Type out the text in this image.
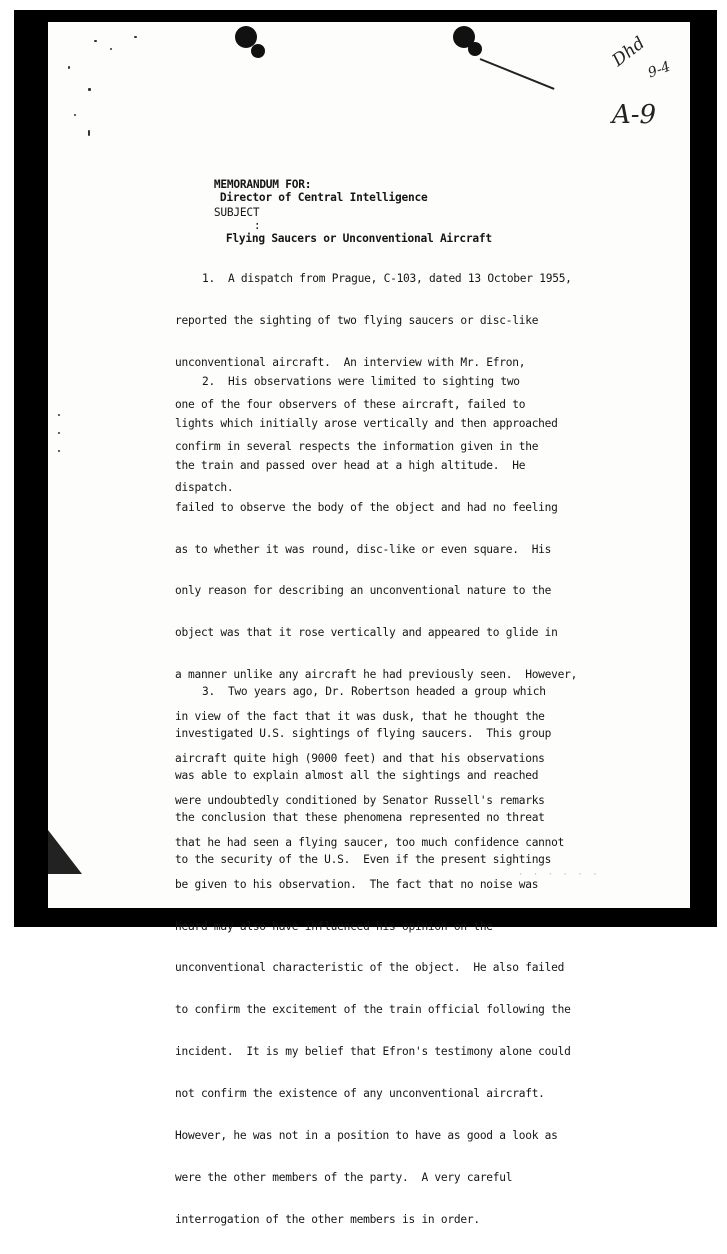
Dhd
9-4
A-9

MEMORANDUM FOR:
Director of Central Intelligence

SUBJECT
:
Flying Saucers or Unconventional Aircraft

1.  A dispatch from Prague, C-103, dated 13 October 1955,

reported the sighting of two flying saucers or disc-like

unconventional aircraft.  An interview with Mr. Efron,

one of the four observers of these aircraft, failed to

confirm in several respects the information given in the

dispatch.

2.  His observations were limited to sighting two

lights which initially arose vertically and then approached

the train and passed over head at a high altitude.  He

failed to observe the body of the object and had no feeling

as to whether it was round, disc-like or even square.  His

only reason for describing an unconventional nature to the

object was that it rose vertically and appeared to glide in

a manner unlike any aircraft he had previously seen.  However,

in view of the fact that it was dusk, that he thought the

aircraft quite high (9000 feet) and that his observations

were undoubtedly conditioned by Senator Russell's remarks

that he had seen a flying saucer, too much confidence cannot

be given to his observation.  The fact that no noise was

heard may also have influenced his opinion on the

unconventional characteristic of the object.  He also failed

to confirm the excitement of the train official following the

incident.  It is my belief that Efron's testimony alone could

not confirm the existence of any unconventional aircraft.

However, he was not in a position to have as good a look as

were the other members of the party.  A very careful

interrogation of the other members is in order.

3.  Two years ago, Dr. Robertson headed a group which

investigated U.S. sightings of flying saucers.  This group

was able to explain almost all the sightings and reached

the conclusion that these phenomena represented no threat

to the security of the U.S.  Even if the present sightings

· · · · · ·
